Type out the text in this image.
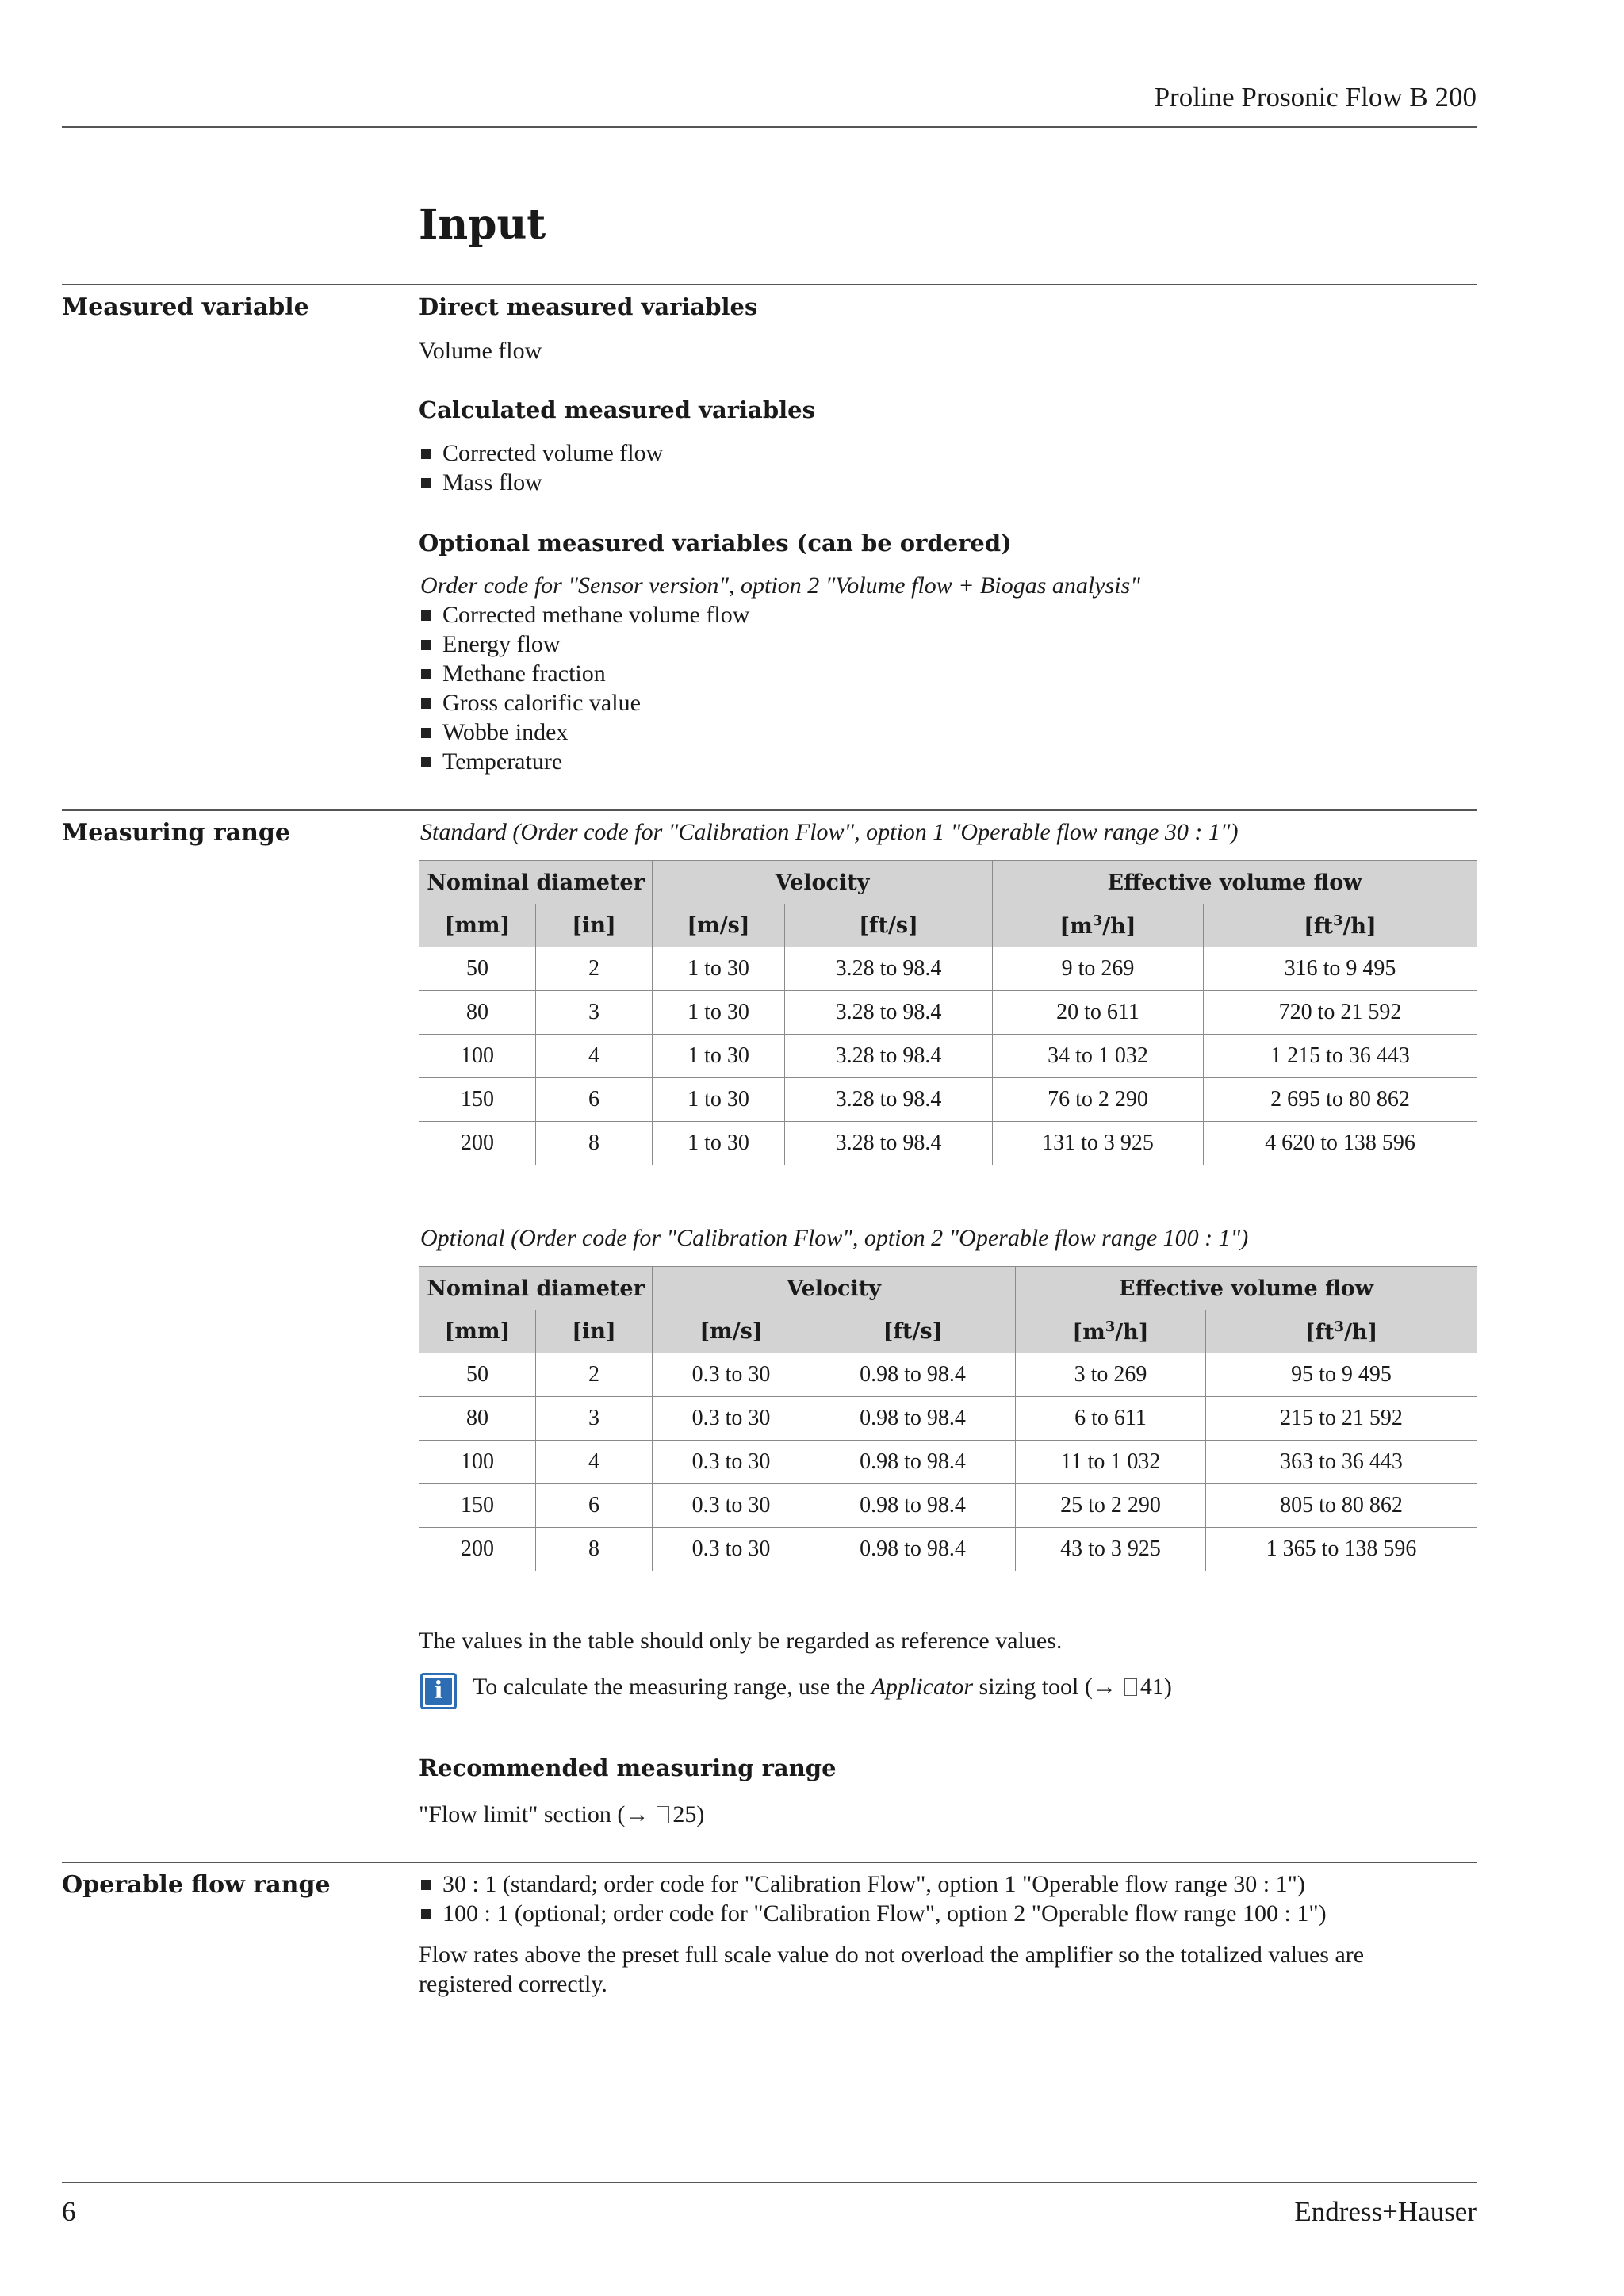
Proline Prosonic Flow B 200
Input
Measured variable	Direct measured variables
Volume flow
Calculated measured variables
Corrected volume flow
Mass flow
Optional measured variables (can be ordered)
Order code for "Sensor version", option 2 "Volume flow + Biogas analysis"
Corrected methane volume flow
Energy flow
Methane fraction
Gross calorific value
Wobbe index
Temperature
Measuring range	Standard (Order code for "Calibration Flow", option 1 "Operable flow range 30 : 1")
Nominal diameter		Velocity		Effective volume flow	
[mm]	[in]	[m/s]	[ft/s]	$[m^3/h]$	$[ft^3/h]$
50	2	1 to 30	3.28 to 98.4	9 to 269	316 to 9 495
80	3	1 to 30	3.28 to 98.4	20 to 611	720 to 21 592
100	4	1 to 30	3.28 to 98.4	34 to 1 032	1 215 to 36 443
150	6	1 to 30	3.28 to 98.4	76 to 2 290	2 695 to 80 862
200	8	1 to 30	3.28 to 98.4	131 to 3 925	4 620 to 138 596
Optional (Order code for "Calibration Flow", option 2 "Operable flow range 100 : 1")
Nominal diameter		Velocity		Effective volume flow	
[mm]	[in]	[m/s]	[ft/s]	$[m^3/h]$	$[ft^3/h]$
50	2	0.3 to 30	0.98 to 98.4	3 to 269	95 to 9 495
80	3	0.3 to 30	0.98 to 98.4	6 to 611	215 to 21 592
100	4	0.3 to 30	0.98 to 98.4	11 to 1 032	363 to 36 443
150	6	0.3 to 30	0.98 to 98.4	25 to 2 290	805 to 80 862
200	8	0.3 to 30	0.98 to 98.4	43 to 3 925	1 365 to 138 596
The values in the table should only be regarded as reference values.
i	To calculate the measuring range, use the Applicator sizing tool (→ 41)
Recommended measuring range
"Flow limit" section (→ 25)
Operable flow range	30 : 1 (standard; order code for "Calibration Flow", option 1 "Operable flow range 30 : 1")
100 : 1 (optional; order code for "Calibration Flow", option 2 "Operable flow range 100 : 1")
Flow rates above the preset full scale value do not overload the amplifier so the totalized values are registered correctly.
6	Endress+Hauser
